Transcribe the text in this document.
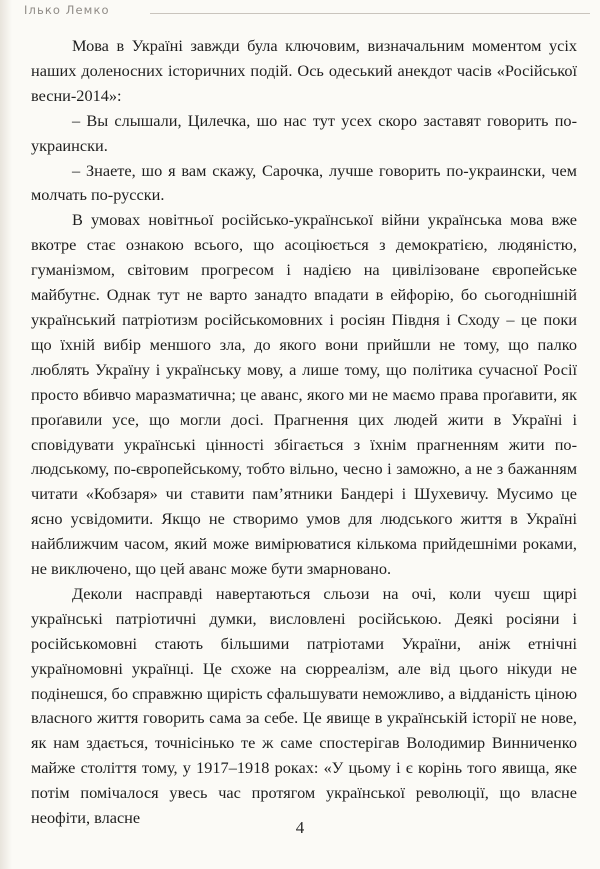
Ілько Лемко

Мова в Україні завжди була ключовим, визначальним моментом усіх наших доленосних історичних подій. Ось одеський анекдот часів «Російської весни-2014»:

– Вы слышали, Цилечка, шо нас тут усех скоро заставят говорить по-украински.

– Знаете, шо я вам скажу, Сарочка, лучше говорить по-украински, чем молчать по-русски.

В умовах новітньої російсько-української війни українська мова вже вкотре стає ознакою всього, що асоціюється з демократією, людяністю, гуманізмом, світовим прогресом і надією на цивілізоване європейське майбутнє. Однак тут не варто занадто впадати в ейфорію, бо сьогоднішній український патріотизм російськомовних і росіян Півдня і Сходу – це поки що їхній вибір меншого зла, до якого вони прийшли не тому, що палко люблять Україну і українську мову, а лише тому, що політика сучасної Росії просто вбивчо маразматична; це аванс, якого ми не маємо права проґавити, як проґавили усе, що могли досі. Прагнення цих людей жити в Україні і сповідувати українські цінності збігається з їхнім прагненням жити по-людському, по-європейському, тобто вільно, чесно і заможно, а не з бажанням читати «Кобзаря» чи ставити пам’ятники Бандері і Шухевичу. Мусимо це ясно усвідомити. Якщо не створимо умов для людського життя в Україні найближчим часом, який може вимірюватися кількома прийдешніми роками, не виключено, що цей аванс може бути змарновано.

Деколи насправді навертаються сльози на очі, коли чуєш щирі українські патріотичні думки, висловлені російською. Деякі росіяни і російськомовні стають більшими патріотами України, аніж етнічні україномовні українці. Це схоже на сюрреалізм, але від цього нікуди не подінешся, бо справжню щирість сфальшувати неможливо, а відданість ціною власного життя говорить сама за себе. Це явище в українській історії не нове, як нам здається, точнісінько те ж саме спостерігав Володимир Винниченко майже століття тому, у 1917–1918 роках: «У цьому і є корінь того явища, яке потім помічалося увесь час протягом української революції, що власне неофіти, власне

4
